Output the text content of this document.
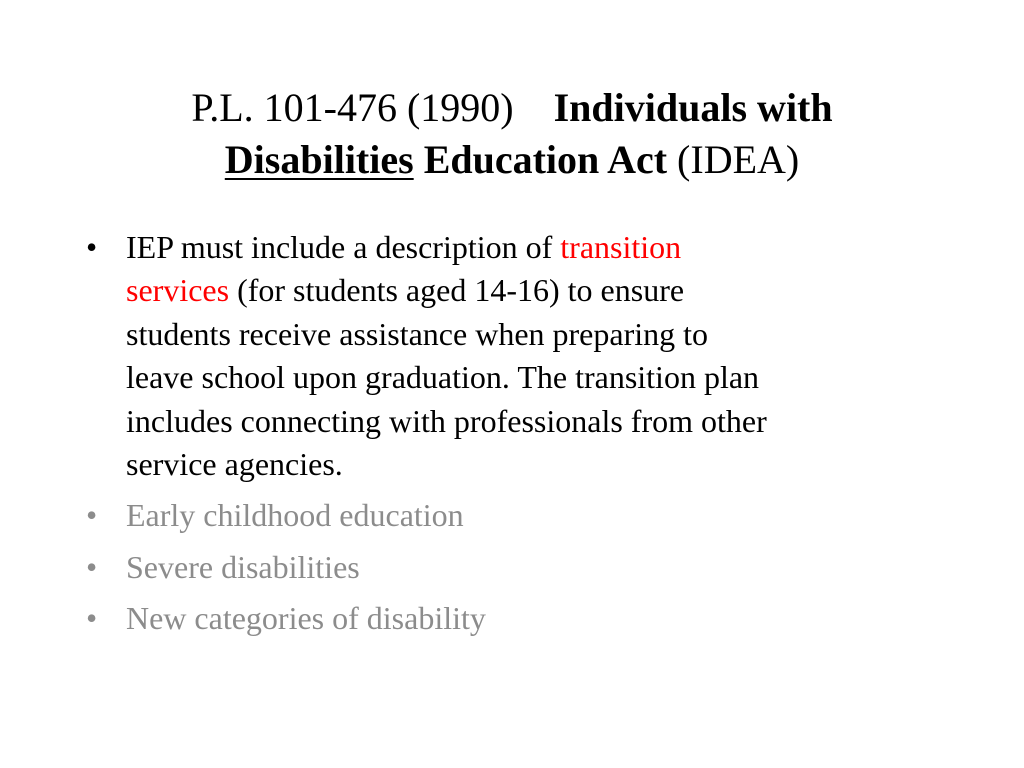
P.L. 101-476 (1990) Individuals with
Disabilities Education Act (IDEA)
• IEP must include a description of transition
services (for students aged 14-16) to ensure
students receive assistance when preparing to
leave school upon graduation. The transition plan
includes connecting with professionals from other
service agencies.
• Early childhood education
• Severe disabilities
• New categories of disability
